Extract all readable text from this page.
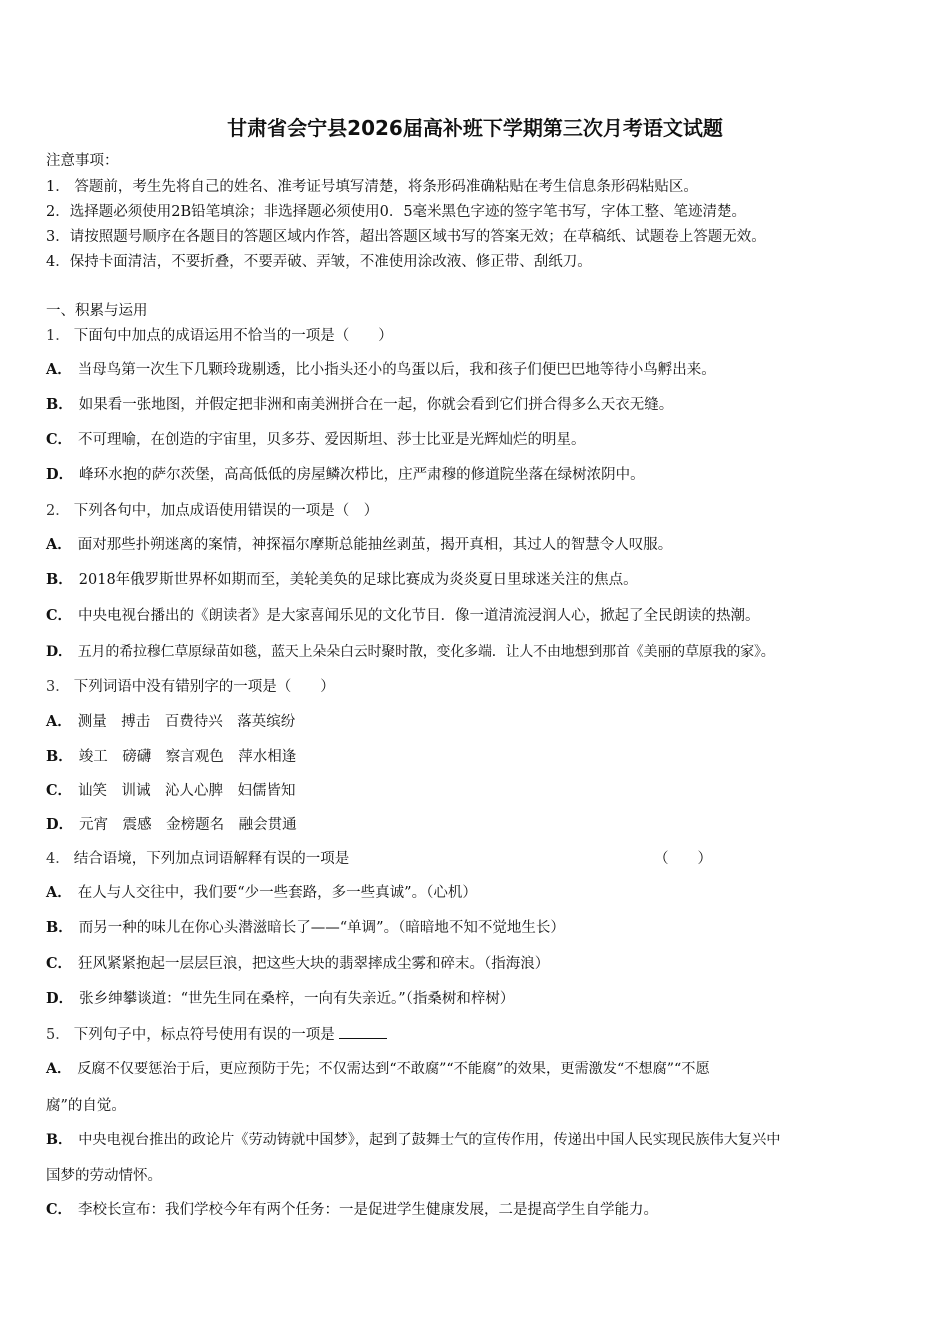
甘肃省会宁县2026届高补班下学期第三次月考语文试题
注意事项：
1． 答题前，考生先将自己的姓名、准考证号填写清楚，将条形码准确粘贴在考生信息条形码粘贴区。
2．选择题必须使用2B铅笔填涂；非选择题必须使用0．5毫米黑色字迹的签字笔书写，字体工整、笔迹清楚。
3．请按照题号顺序在各题目的答题区域内作答，超出答题区域书写的答案无效；在草稿纸、试题卷上答题无效。
4．保持卡面清洁，不要折叠，不要弄破、弄皱，不准使用涂改液、修正带、刮纸刀。
一、积累与运用
1． 下面句中加点的成语运用不恰当的一项是（　　）
A． 当母鸟第一次生下几颗玲珑剔透，比小指头还小的鸟蛋以后，我和孩子们便巴巴地等待小鸟孵出来。
B． 如果看一张地图，并假定把非洲和南美洲拼合在一起，你就会看到它们拼合得多么天衣无缝。
C． 不可理喻，在创造的宇宙里，贝多芬、爱因斯坦、莎士比亚是光辉灿烂的明星。
D． 峰环水抱的萨尔茨堡，高高低低的房屋鳞次栉比，庄严肃穆的修道院坐落在绿树浓阴中。
2． 下列各句中，加点成语使用错误的一项是（　）
A． 面对那些扑朔迷离的案情，神探福尔摩斯总能抽丝剥茧，揭开真相，其过人的智慧令人叹服。
B． 2018年俄罗斯世界杯如期而至，美轮美奂的足球比赛成为炎炎夏日里球迷关注的焦点。
C． 中央电视台播出的《朗读者》是大家喜闻乐见的文化节目．像一道清流浸润人心，掀起了全民朗读的热潮。
D． 五月的希拉穆仁草原绿苗如毯，蓝天上朵朵白云时聚时散，变化多端．让人不由地想到那首《美丽的草原我的家》。
3． 下列词语中没有错别字的一项是（　　）
A． 测量　搏击　百费待兴　落英缤纷
B． 竣工　磅礴　察言观色　萍水相逢
C． 讪笑　训诫　沁人心脾　妇儒皆知
D． 元宵　震感　金榜题名　融会贯通
4． 结合语境，下列加点词语解释有误的一项是	（　　）
A． 在人与人交往中，我们要“少一些套路，多一些真诚”。（心机）
B． 而另一种的味儿在你心头潜滋暗长了——“单调”。（暗暗地不知不觉地生长）
C． 狂风紧紧抱起一层层巨浪，把这些大块的翡翠摔成尘雾和碎末。（指海浪）
D． 张乡绅攀谈道：“世先生同在桑梓，一向有失亲近。”（指桑树和梓树）
5． 下列句子中，标点符号使用有误的一项是
A． 反腐不仅要惩治于后，更应预防于先；不仅需达到“不敢腐”“不能腐”的效果，更需激发“不想腐”“不愿
腐”的自觉。
B． 中央电视台推出的政论片《劳动铸就中国梦》，起到了鼓舞士气的宣传作用，传递出中国人民实现民族伟大复兴中
国梦的劳动情怀。
C． 李校长宣布：我们学校今年有两个任务：一是促进学生健康发展，二是提高学生自学能力。
